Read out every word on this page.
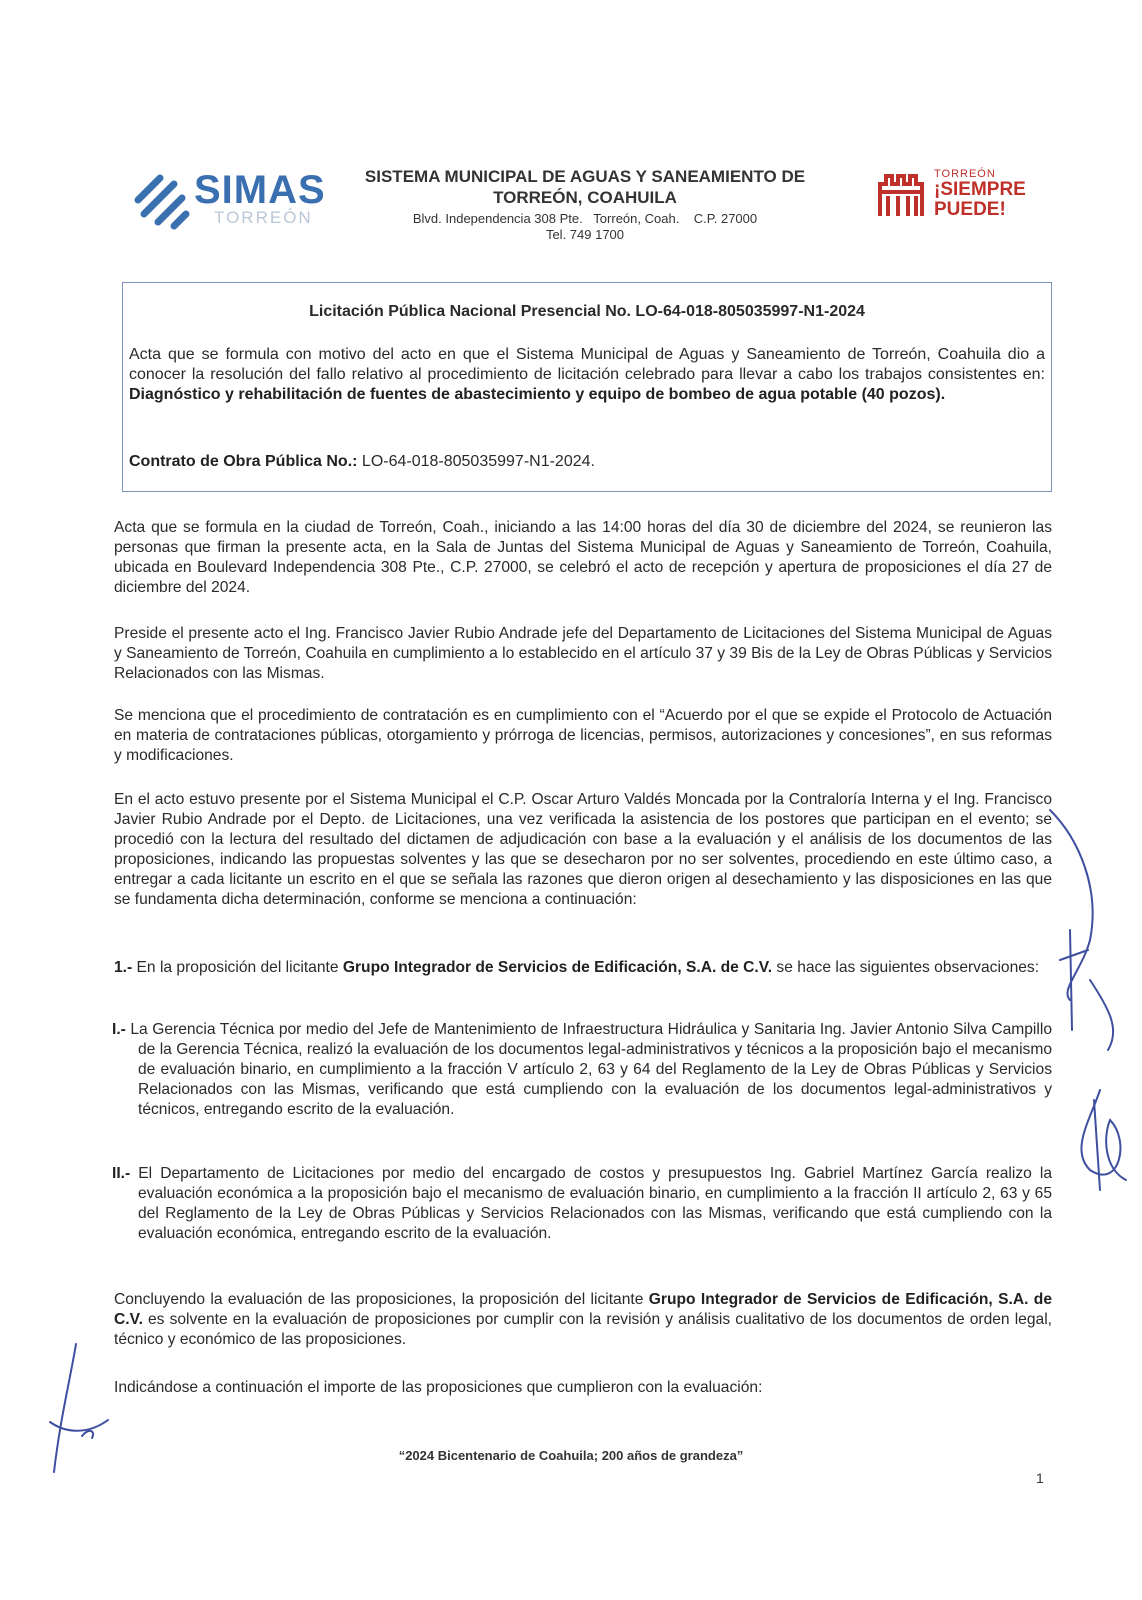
SIMAS
TORREÓN
SISTEMA MUNICIPAL DE AGUAS Y SANEAMIENTO DE
TORREÓN, COAHUILA
Blvd. Independencia 308 Pte.   Torreón, Coah.    C.P. 27000
Tel. 749 1700
TORREÓN
¡SIEMPRE
PUEDE!
Licitación Pública Nacional Presencial No. LO-64-018-805035997-N1-2024
Acta que se formula con motivo del acto en que el Sistema Municipal de Aguas y Saneamiento de Torreón, Coahuila dio a conocer la resolución del fallo relativo al procedimiento de licitación celebrado para llevar a cabo los trabajos consistentes en: Diagnóstico y rehabilitación de fuentes de abastecimiento y equipo de bombeo de agua potable (40 pozos).
Contrato de Obra Pública No.: LO-64-018-805035997-N1-2024.
Acta que se formula en la ciudad de Torreón, Coah., iniciando a las 14:00 horas del día 30 de diciembre del 2024, se reunieron las personas que firman la presente acta, en la Sala de Juntas del Sistema Municipal de Aguas y Saneamiento de Torreón, Coahuila, ubicada en Boulevard Independencia 308 Pte., C.P. 27000, se celebró el acto de recepción y apertura de proposiciones el día 27 de diciembre del 2024.
Preside el presente acto el Ing. Francisco Javier Rubio Andrade jefe del Departamento de Licitaciones del Sistema Municipal de Aguas y Saneamiento de Torreón, Coahuila en cumplimiento a lo establecido en el artículo 37 y 39 Bis de la Ley de Obras Públicas y Servicios Relacionados con las Mismas.
Se menciona que el procedimiento de contratación es en cumplimiento con el “Acuerdo por el que se expide el Protocolo de Actuación en materia de contrataciones públicas, otorgamiento y prórroga de licencias, permisos, autorizaciones y concesiones”, en sus reformas y modificaciones.
En el acto estuvo presente por el Sistema Municipal el C.P. Oscar Arturo Valdés Moncada por la Contraloría Interna y el Ing. Francisco Javier Rubio Andrade por el Depto. de Licitaciones, una vez verificada la asistencia de los postores que participan en el evento; se procedió con la lectura del resultado del dictamen de adjudicación con base a la evaluación y el análisis de los documentos de las proposiciones, indicando las propuestas solventes y las que se desecharon por no ser solventes, procediendo en este último caso, a entregar a cada licitante un escrito en el que se señala las razones que dieron origen al desechamiento y las disposiciones en las que se fundamenta dicha determinación, conforme se menciona a continuación:
1.- En la proposición del licitante Grupo Integrador de Servicios de Edificación, S.A. de C.V. se hace las siguientes observaciones:
I.- La Gerencia Técnica por medio del Jefe de Mantenimiento de Infraestructura Hidráulica y Sanitaria Ing. Javier Antonio Silva Campillo de la Gerencia Técnica, realizó la evaluación de los documentos legal-administrativos y técnicos a la proposición bajo el mecanismo de evaluación binario, en cumplimiento a la fracción V artículo 2, 63 y 64 del Reglamento de la Ley de Obras Públicas y Servicios Relacionados con las Mismas, verificando que está cumpliendo con la evaluación de los documentos legal-administrativos y técnicos, entregando escrito de la evaluación.
II.- El Departamento de Licitaciones por medio del encargado de costos y presupuestos Ing. Gabriel Martínez García realizo la evaluación económica a la proposición bajo el mecanismo de evaluación binario, en cumplimiento a la fracción II artículo 2, 63 y 65 del Reglamento de la Ley de Obras Públicas y Servicios Relacionados con las Mismas, verificando que está cumpliendo con la evaluación económica, entregando escrito de la evaluación.
Concluyendo la evaluación de las proposiciones, la proposición del licitante Grupo Integrador de Servicios de Edificación, S.A. de C.V. es solvente en la evaluación de proposiciones por cumplir con la revisión y análisis cualitativo de los documentos de orden legal, técnico y económico de las proposiciones.
Indicándose a continuación el importe de las proposiciones que cumplieron con la evaluación:
“2024 Bicentenario de Coahuila; 200 años de grandeza”
1
